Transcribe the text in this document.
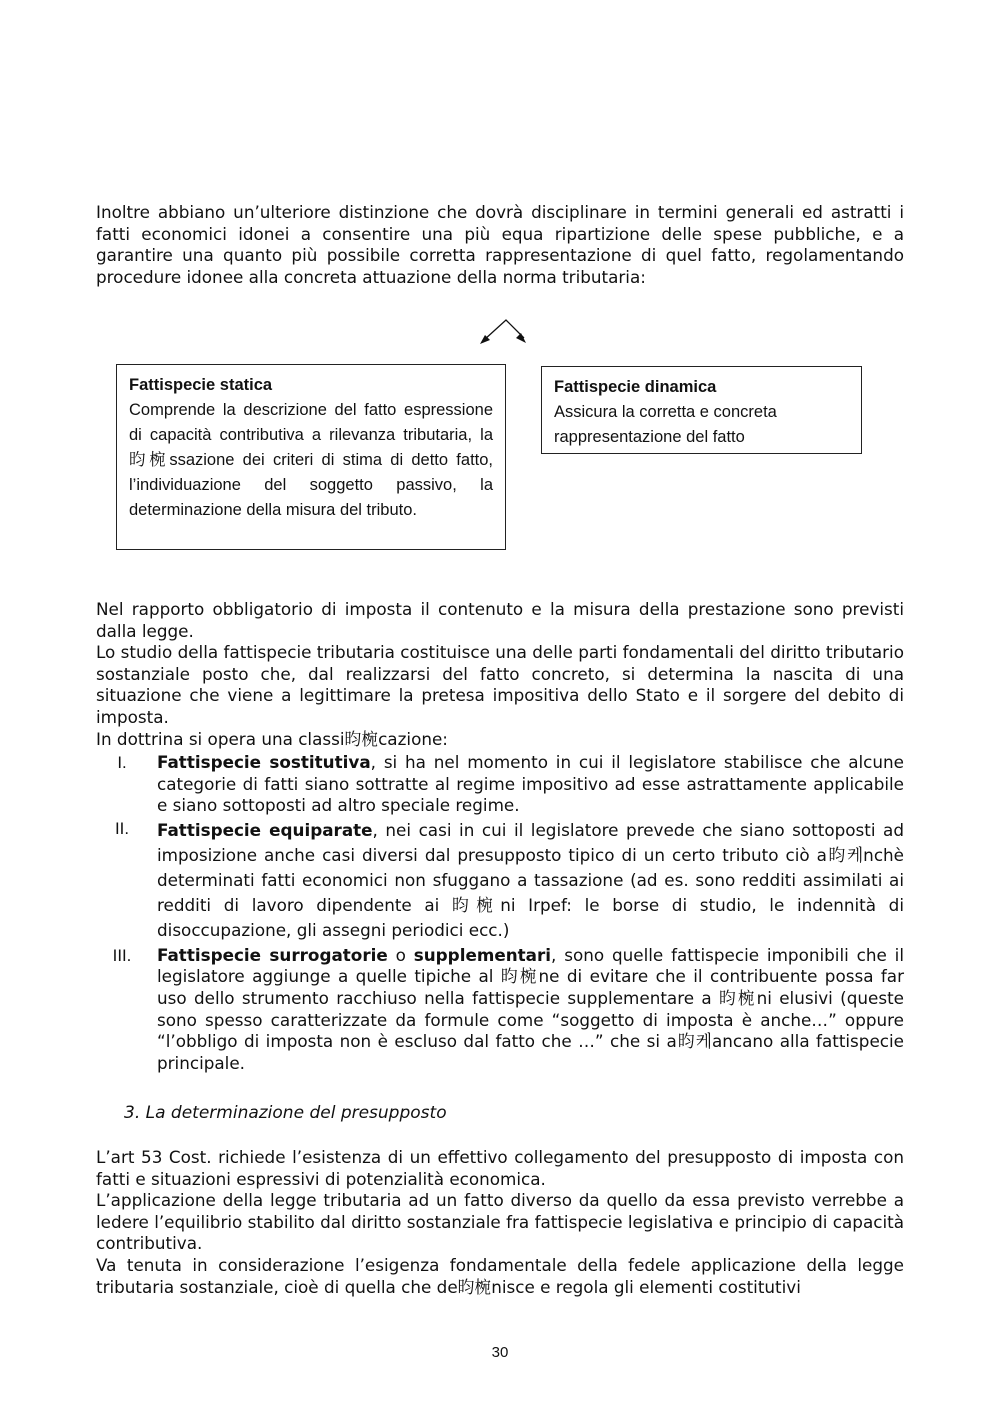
Inoltre abbiano un’ulteriore distinzione che dovrà disciplinare in termini generali ed astratti i fatti economici idonei a consentire una più equa ripartizione delle spese pubbliche, e a garantire una quanto più possibile corretta rappresentazione di quel fatto, regolamentando procedure idonee alla concreta attuazione della norma tributaria:

Fattispecie statica
Comprende la descrizione del fatto espressione di capacità contributiva a rilevanza tributaria, la 昀椀ssazione dei criteri di stima di detto fatto, l’individuazione del soggetto passivo, la determinazione della misura del tributo.
Fattispecie dinamica
Assicura la corretta e concreta rappresentazione del fatto

Nel rapporto obbligatorio di imposta il contenuto e la misura della prestazione sono previsti dalla legge.

Lo studio della fattispecie tributaria costituisce una delle parti fondamentali del diritto tributario sostanziale posto che, dal realizzarsi del fatto concreto, si determina la nascita di una situazione che viene a legittimare la pretesa impositiva dello Stato e il sorgere del debito di imposta.

In dottrina si opera una classi昀椀cazione:

I.	Fattispecie sostitutiva, si ha nel momento in cui il legislatore stabilisce che alcune categorie di fatti siano sottratte al regime impositivo ad esse astrattamente applicabile e siano sottoposti ad altro speciale regime.
II.	Fattispecie equiparate, nei casi in cui il legislatore prevede che siano sottoposti ad imposizione anche casi diversi dal presupposto tipico di un certo tributo ciò a昀케nchè determinati fatti economici non sfuggano a tassazione (ad es. sono redditi assimilati ai redditi di lavoro dipendente ai 昀椀ni Irpef: le borse di studio, le indennità di disoccupazione, gli assegni periodici ecc.)
III. Fattispecie surrogatorie o supplementari, sono quelle fattispecie imponibili che il legislatore aggiunge a quelle tipiche al 昀椀ne di evitare che il contribuente possa far uso dello strumento racchiuso nella fattispecie supplementare a 昀椀ni elusivi (queste sono spesso caratterizzate da formule come “soggetto di imposta è anche…” oppure “l’obbligo di imposta non è escluso dal fatto che …” che si a昀케ancano alla fattispecie principale.
3. La determinazione del presupposto

L’art 53 Cost. richiede l’esistenza di un effettivo collegamento del presupposto di imposta con fatti e situazioni espressivi di potenzialità economica.

L’applicazione della legge tributaria ad un fatto diverso da quello da essa previsto verrebbe a ledere l’equilibrio stabilito dal diritto sostanziale fra fattispecie legislativa e principio di capacità contributiva.

Va tenuta in considerazione l’esigenza fondamentale della fedele applicazione della legge tributaria sostanziale, cioè di quella che de昀椀nisce e regola gli elementi costitutivi

30
